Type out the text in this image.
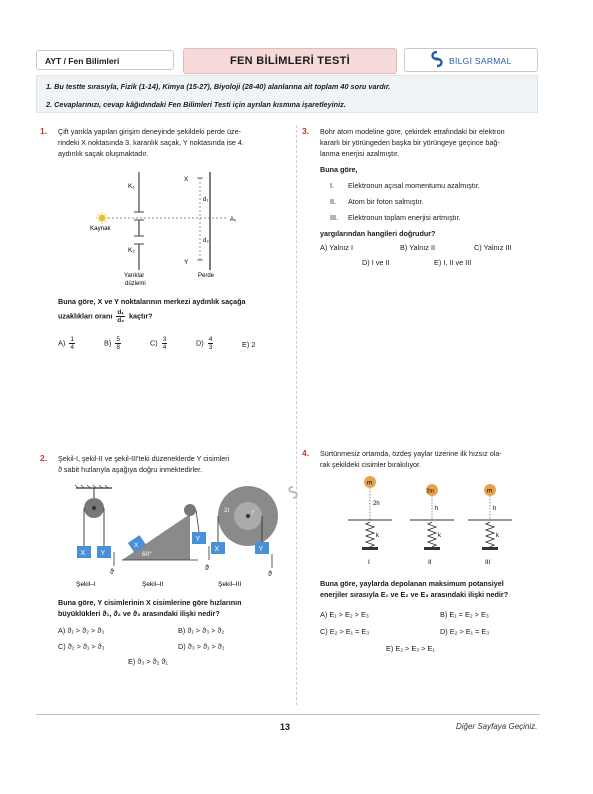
AYT / Fen Bilimleri	FEN BİLİMLERİ TESTİ	BİLGİ SARMAL
1. Bu testte sırasıyla, Fizik (1-14), Kimya (15-27), Biyoloji (28-40) alanlarına ait toplam 40 soru vardır.
2. Cevaplarınızı, cevap kâğıdındaki Fen Bilimleri Testi için ayrılan kısmına işaretleyiniz.
1. Çift yarıkla yapılan girişim deneyinde şekildeki perde üze-
rindeki X noktasında 3. karanlık saçak, Y noktasında ise 4.
aydınlık saçak oluşmaktadır.
K₁
K₂
Kaynak
X
Y
d₁
d₂
A₀
Yarıklar
düzlemi
Perde
Buna göre, X ve Y noktalarının merkezi aydınlık saçağa
uzaklıkları oranı $\frac{\text{d₁}}{\text{d₂}}$ kaçtır?
$A) \frac{1}{4}$	$B) \frac{5}{8}$	$C) \frac{3}{4}$	$D) \frac{4}{3}$	E) 2
3. Bohr atom modeline göre, çekirdek etrafındaki bir elektron
kararlı bir yörüngeden başka bir yörüngeye geçince bağ-
lanma enerjisi azalmıştır.
Buna göre,
I. Elektronun açısal momentumu azalmıştır.
II. Atom bir foton salmıştır.
III. Elektronun toplam enerjisi artmıştır.
yargılarından hangileri doğrudur?
A) Yalnız I	B) Yalnız II	C) Yalnız III
D) I ve II	E) I, II ve III
2. Şekil-I, şekil-II ve şekil-III'teki düzeneklerde Y cisimleri
ϑ sabit hızlarıyla aşağıya doğru inmektedirler.
X Y
ϑ
Şekil–I
X
Y
60°
ϑ
Şekil–II
2r	r
X	Y
ϑ
Şekil–III
Buna göre, Y cisimlerinin X cisimlerine göre hızlarının
büyüklükleri ϑ₁, ϑ₂ ve ϑ₃ arasındaki ilişki nedir?
A) ϑ₁ > ϑ₂ > ϑ₃	B) ϑ₁ > ϑ₃ > ϑ₂
C) ϑ₂ > ϑ₁ > ϑ₃	D) ϑ₃ > ϑ₁ > ϑ₂
E) ϑ₃ > ϑ₂ ϑ₁
4. Sürtünmesiz ortamda, özdeş yaylar üzerine ilk hızsız ola-
rak şekildeki cisimler bırakılıyor.
m
2h
k
I
2m
h
k
II
m
h
k
III
Buna göre, yaylarda depolanan maksimum potansiyel
enerjiler sırasıyla E₁ ve E₂ ve E₃ arasındaki ilişki nedir?
A) E₁ > E₂ > E₃	B) E₁ = E₂ > E₃
C) E₂ > E₁ = E₃	D) E₂ > E₁ = E₃
E) E₂ > E₃ > E₁
13	Diğer Sayfaya Geçiniz.
